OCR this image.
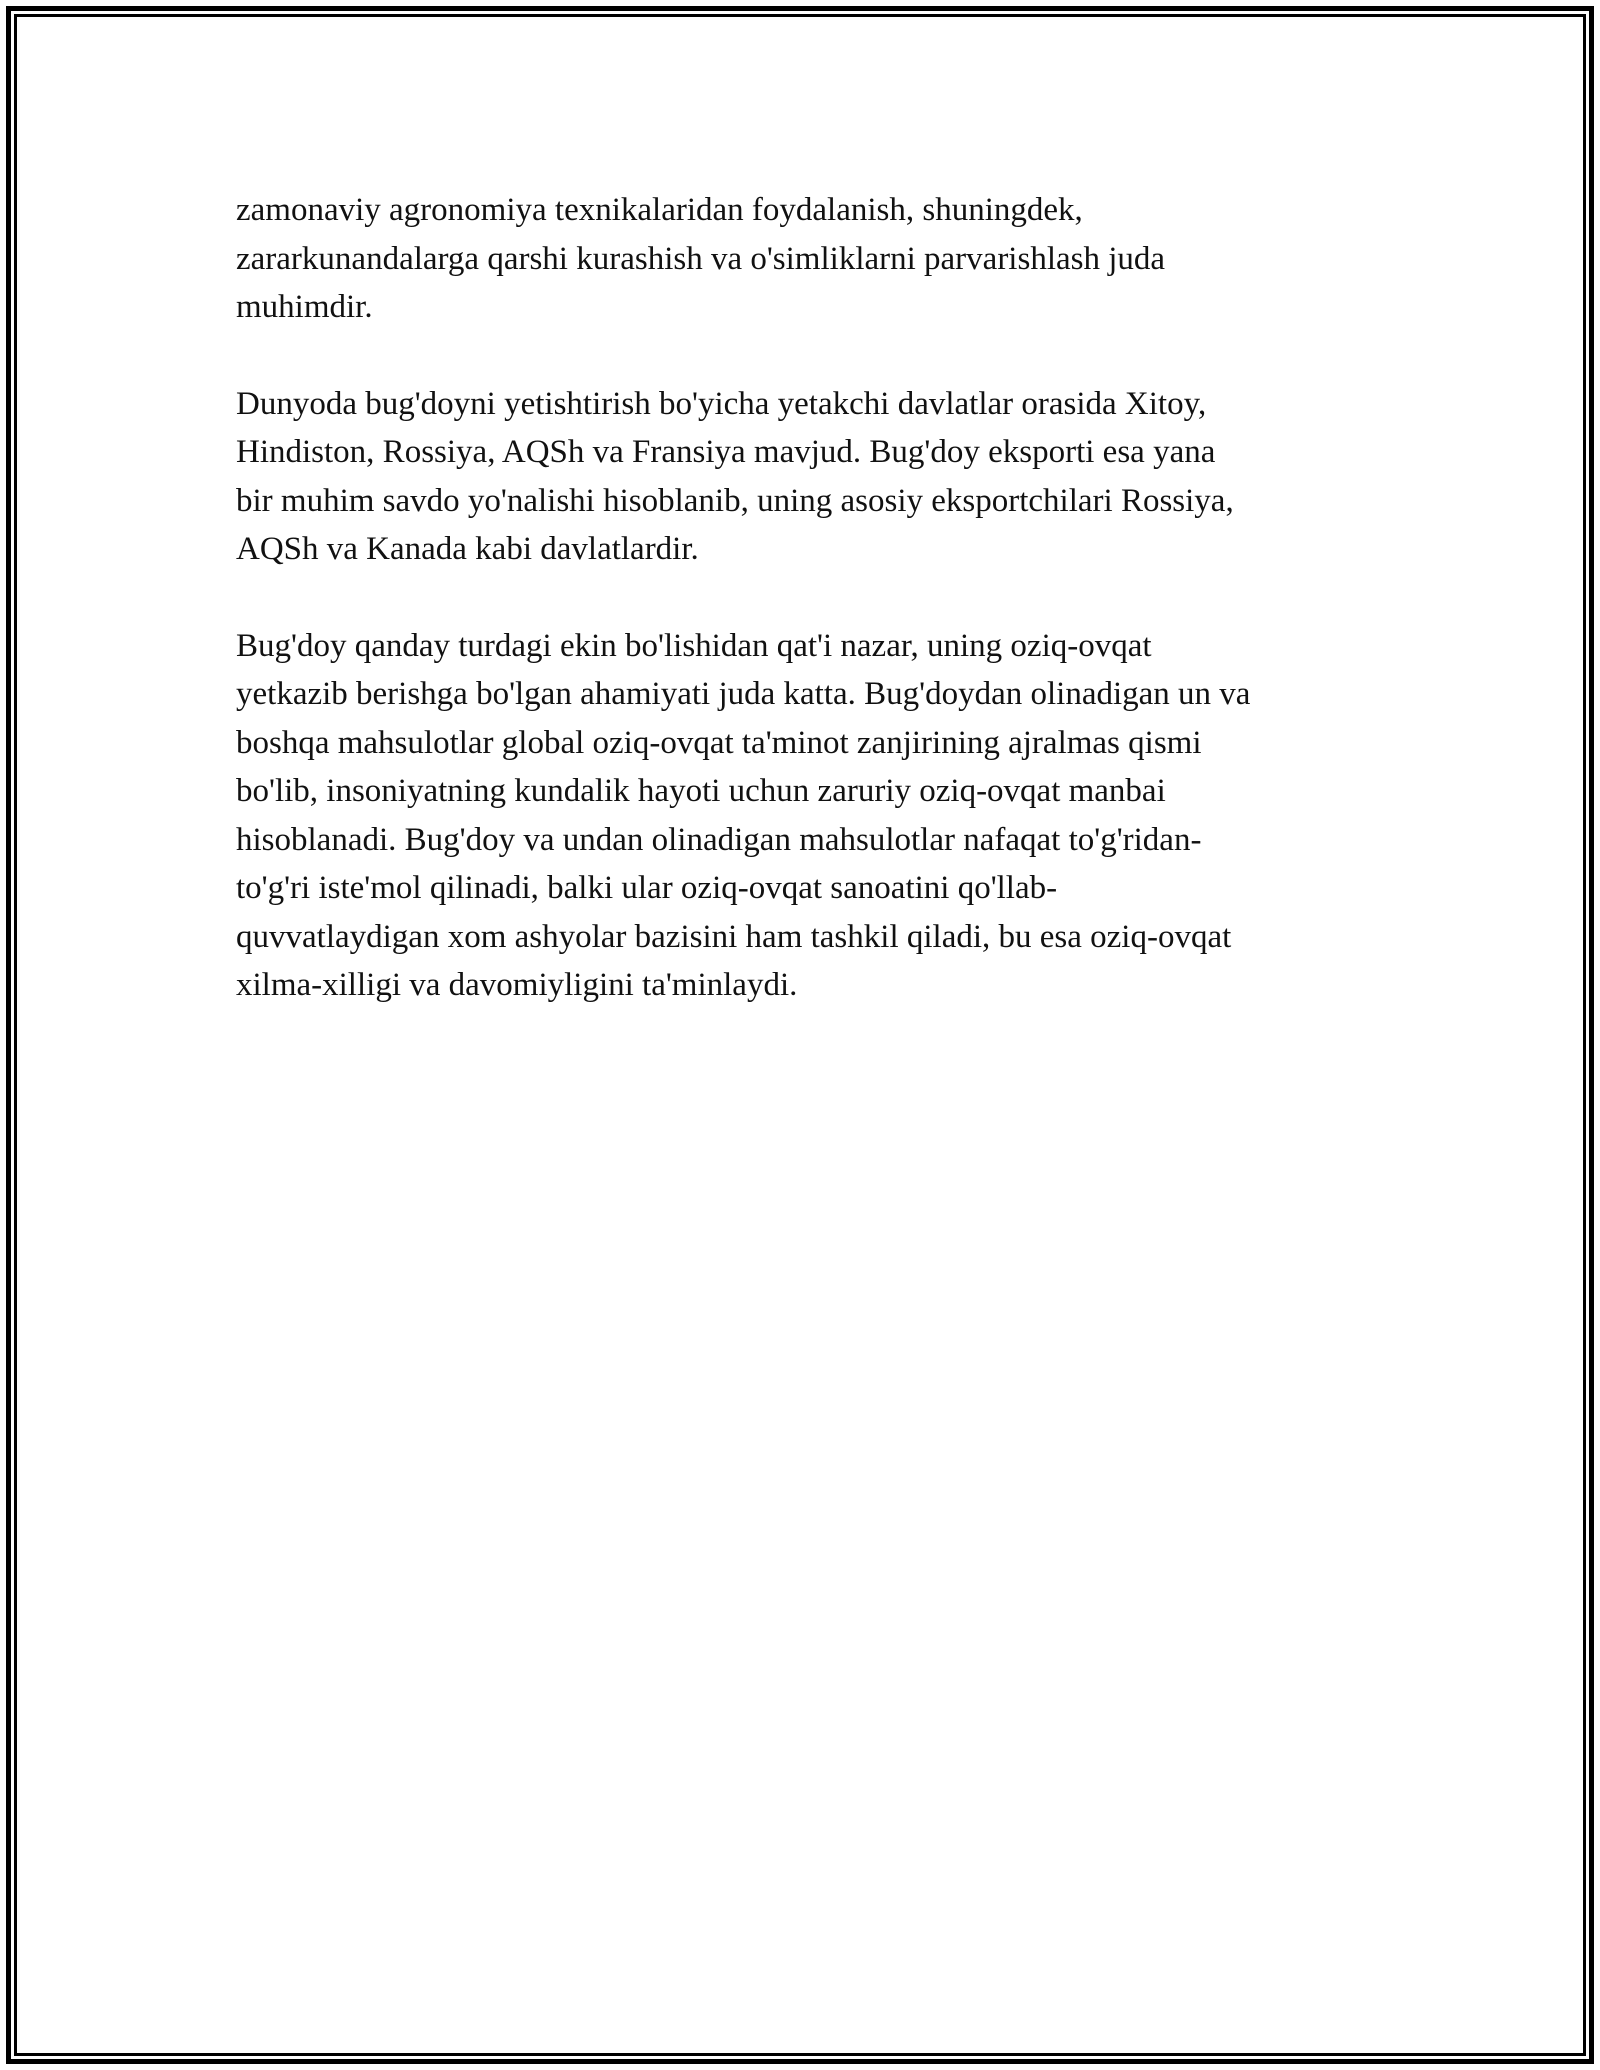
zamonaviy agronomiya texnikalaridan foydalanish, shuningdek,
zararkunandalarga qarshi kurashish va o'simliklarni parvarishlash juda
muhimdir.

Dunyoda bug'doyni yetishtirish bo'yicha yetakchi davlatlar orasida Xitoy,
Hindiston, Rossiya, AQSh va Fransiya mavjud. Bug'doy eksporti esa yana
bir muhim savdo yo'nalishi hisoblanib, uning asosiy eksportchilari Rossiya,
AQSh va Kanada kabi davlatlardir.

Bug'doy qanday turdagi ekin bo'lishidan qat'i nazar, uning oziq-ovqat
yetkazib berishga bo'lgan ahamiyati juda katta. Bug'doydan olinadigan un va
boshqa mahsulotlar global oziq-ovqat ta'minot zanjirining ajralmas qismi
bo'lib, insoniyatning kundalik hayoti uchun zaruriy oziq-ovqat manbai
hisoblanadi. Bug'doy va undan olinadigan mahsulotlar nafaqat to'g'ridan-
to'g'ri iste'mol qilinadi, balki ular oziq-ovqat sanoatini qo'llab-
quvvatlaydigan xom ashyolar bazisini ham tashkil qiladi, bu esa oziq-ovqat
xilma-xilligi va davomiyligini ta'minlaydi.
